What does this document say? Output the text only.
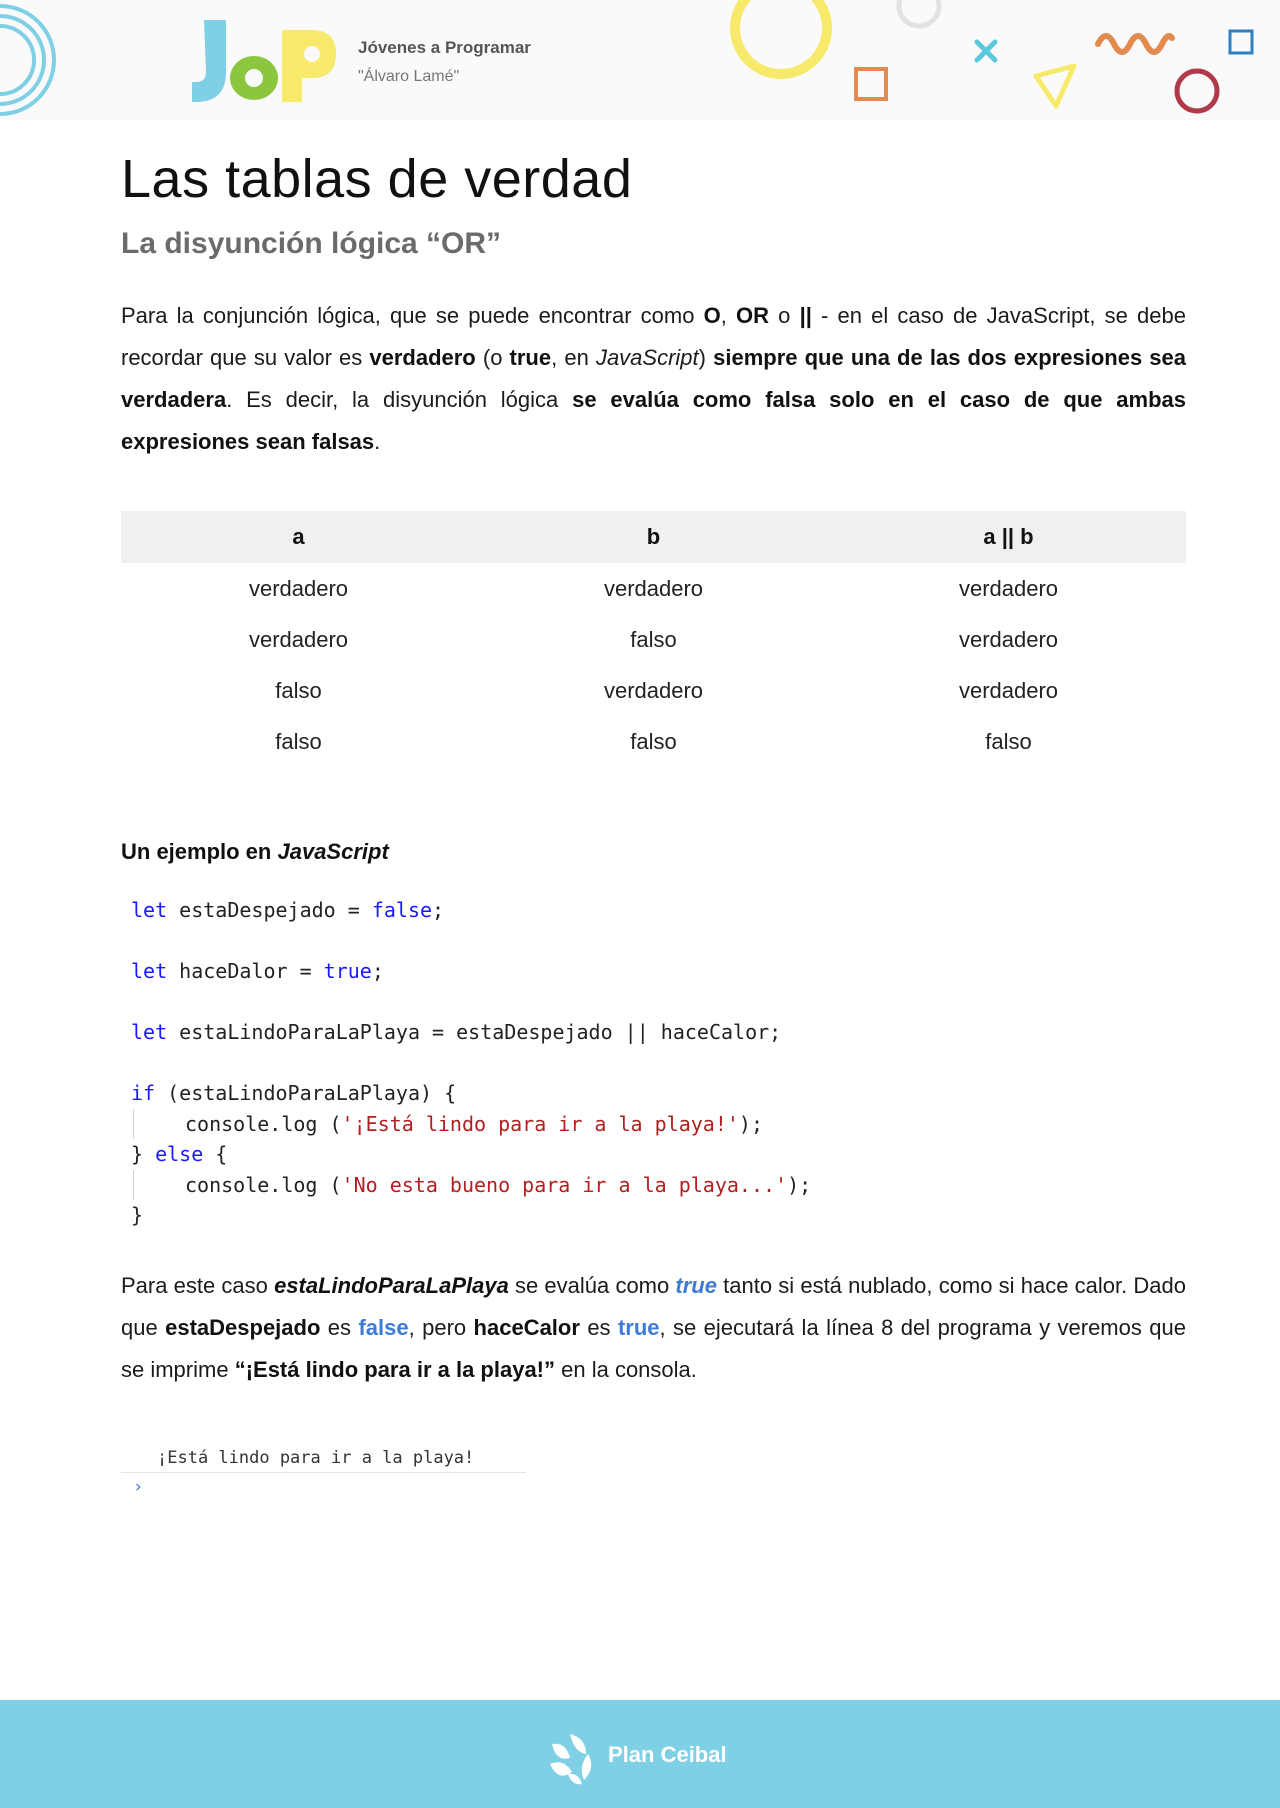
Jóvenes a Programar
"Álvaro Lamé"
Las tablas de verdad
La disyunción lógica “OR”

Para la conjunción lógica, que se puede encontrar como O, OR o || - en el caso de JavaScript, se debe recordar que su valor es verdadero (o true, en JavaScript) siempre que una de las dos expresiones sea verdadera. Es decir, la disyunción lógica se evalúa como falsa solo en el caso de que ambas expresiones sean falsas.

a	b	a || b
verdadero	verdadero	verdadero
verdadero	falso	verdadero
falso	verdadero	verdadero
falso	falso	falso
Un ejemplo en JavaScript
let estaDespejado = false;
let haceDalor = true;
let estaLindoParaLaPlaya = estaDespejado || haceCalor;
if (estaLindoParaLaPlaya) {
console.log ('¡Está lindo para ir a la playa!');
} else {
console.log ('No esta bueno para ir a la playa...');
}

Para este caso estaLindoParaLaPlaya se evalúa como true tanto si está nublado, como si hace calor. Dado que estaDespejado es false, pero haceCalor es true, se ejecutará la línea 8 del programa y veremos que se imprime “¡Está lindo para ir a la playa!” en la consola.

¡Está lindo para ir a la playa!
›
Plan Ceibal
